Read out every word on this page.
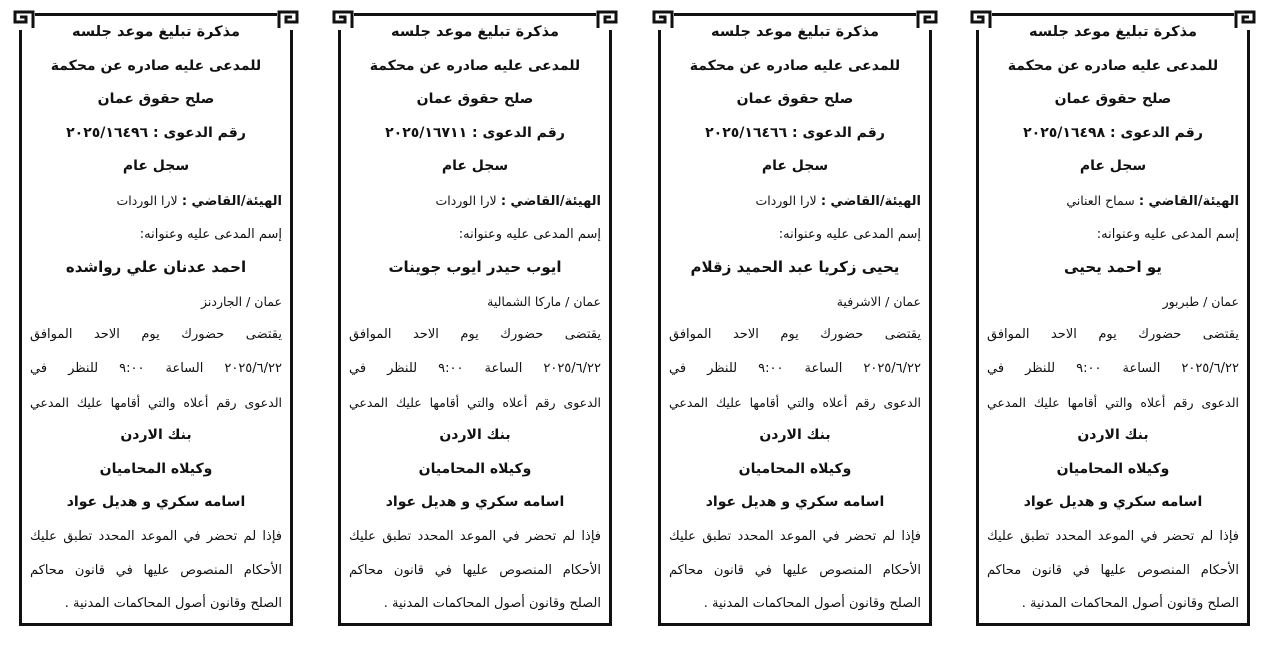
مذكرة تبليغ موعد جلسه
للمدعى عليه صادره عن محكمة
صلح حقوق عمان
رقم الدعوى : ٢٠٢٥/١٦٤٩٨
سجل عام
الهيئة/القاضي : سماح العناني
إسم المدعى عليه وعنوانه:
يو احمد يحيى
عمان / طبربور
يقتضى حضورك يوم الاحد الموافق
٢٠٢٥/٦/٢٢ الساعة ٩:٠٠ للنظر في
الدعوى رقم أعلاه والتي أقامها عليك المدعي
بنك الاردن
وكيلاه المحاميان
اسامه سكري و هديل عواد
فإذا لم تحضر في الموعد المحدد تطبق عليك
الأحكام المنصوص عليها في قانون محاكم
الصلح وقانون أصول المحاكمات المدنية .
مذكرة تبليغ موعد جلسه
للمدعى عليه صادره عن محكمة
صلح حقوق عمان
رقم الدعوى : ٢٠٢٥/١٦٤٦٦
سجل عام
الهيئة/القاضي : لارا الوردات
إسم المدعى عليه وعنوانه:
يحيى زكريا عبد الحميد زقلام
عمان / الاشرفية
يقتضى حضورك يوم الاحد الموافق
٢٠٢٥/٦/٢٢ الساعة ٩:٠٠ للنظر في
الدعوى رقم أعلاه والتي أقامها عليك المدعي
بنك الاردن
وكيلاه المحاميان
اسامه سكري و هديل عواد
فإذا لم تحضر في الموعد المحدد تطبق عليك
الأحكام المنصوص عليها في قانون محاكم
الصلح وقانون أصول المحاكمات المدنية .
مذكرة تبليغ موعد جلسه
للمدعى عليه صادره عن محكمة
صلح حقوق عمان
رقم الدعوى : ٢٠٢٥/١٦٧١١
سجل عام
الهيئة/القاضي : لارا الوردات
إسم المدعى عليه وعنوانه:
ايوب حيدر ايوب جوينات
عمان / ماركا الشمالية
يقتضى حضورك يوم الاحد الموافق
٢٠٢٥/٦/٢٢ الساعة ٩:٠٠ للنظر في
الدعوى رقم أعلاه والتي أقامها عليك المدعي
بنك الاردن
وكيلاه المحاميان
اسامه سكري و هديل عواد
فإذا لم تحضر في الموعد المحدد تطبق عليك
الأحكام المنصوص عليها في قانون محاكم
الصلح وقانون أصول المحاكمات المدنية .
مذكرة تبليغ موعد جلسه
للمدعى عليه صادره عن محكمة
صلح حقوق عمان
رقم الدعوى : ٢٠٢٥/١٦٤٩٦
سجل عام
الهيئة/القاضي : لارا الوردات
إسم المدعى عليه وعنوانه:
احمد عدنان علي رواشده
عمان / الجاردنز
يقتضى حضورك يوم الاحد الموافق
٢٠٢٥/٦/٢٢ الساعة ٩:٠٠ للنظر في
الدعوى رقم أعلاه والتي أقامها عليك المدعي
بنك الاردن
وكيلاه المحاميان
اسامه سكري و هديل عواد
فإذا لم تحضر في الموعد المحدد تطبق عليك
الأحكام المنصوص عليها في قانون محاكم
الصلح وقانون أصول المحاكمات المدنية .
